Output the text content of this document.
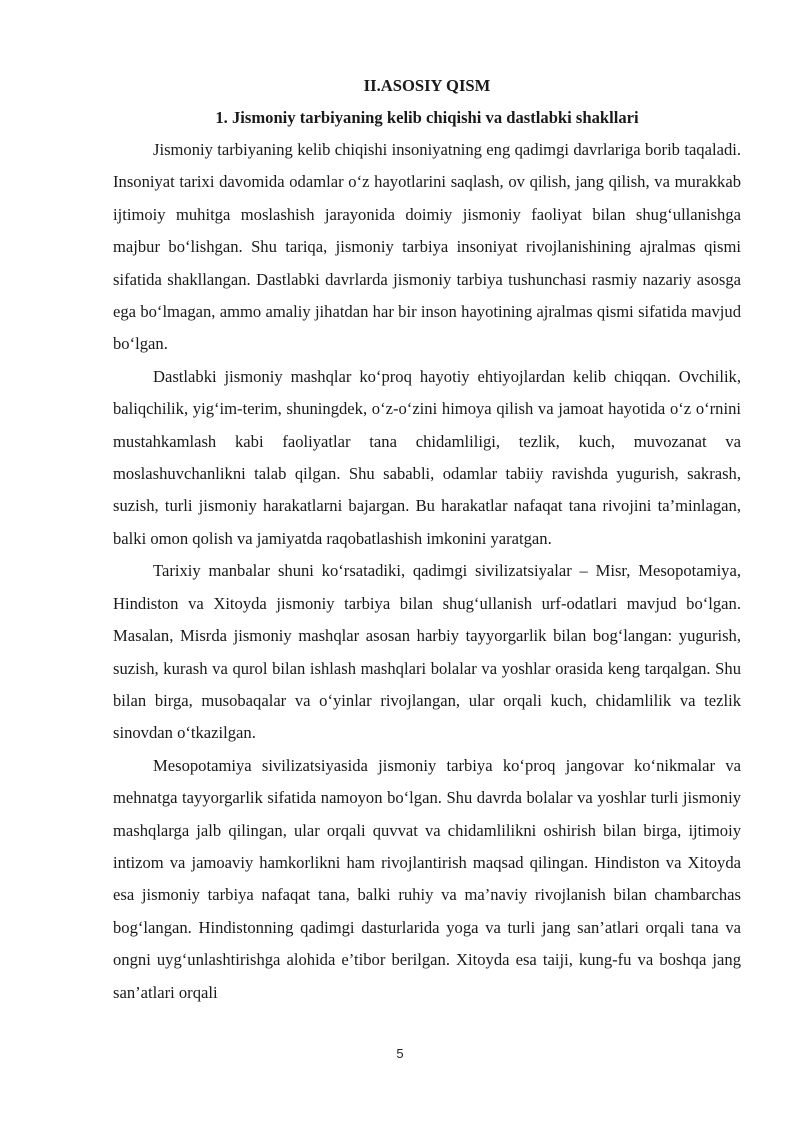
II.ASOSIY QISM
1. Jismoniy tarbiyaning kelib chiqishi va dastlabki shakllari

Jismoniy tarbiyaning kelib chiqishi insoniyatning eng qadimgi davrlariga borib taqaladi. Insoniyat tarixi davomida odamlar o‘z hayotlarini saqlash, ov qilish, jang qilish, va murakkab ijtimoiy muhitga moslashish jarayonida doimiy jismoniy faoliyat bilan shug‘ullanishga majbur bo‘lishgan. Shu tariqa, jismoniy tarbiya insoniyat rivojlanishining ajralmas qismi sifatida shakllangan. Dastlabki davrlarda jismoniy tarbiya tushunchasi rasmiy nazariy asosga ega bo‘lmagan, ammo amaliy jihatdan har bir inson hayotining ajralmas qismi sifatida mavjud bo‘lgan.

Dastlabki jismoniy mashqlar ko‘proq hayotiy ehtiyojlardan kelib chiqqan. Ovchilik, baliqchilik, yig‘im-terim, shuningdek, o‘z-o‘zini himoya qilish va jamoat hayotida o‘z o‘rnini mustahkamlash kabi faoliyatlar tana chidamliligi, tezlik, kuch, muvozanat va moslashuvchanlikni talab qilgan. Shu sababli, odamlar tabiiy ravishda yugurish, sakrash, suzish, turli jismoniy harakatlarni bajargan. Bu harakatlar nafaqat tana rivojini ta’minlagan, balki omon qolish va jamiyatda raqobatlashish imkonini yaratgan.

Tarixiy manbalar shuni ko‘rsatadiki, qadimgi sivilizatsiyalar – Misr, Mesopotamiya, Hindiston va Xitoyda jismoniy tarbiya bilan shug‘ullanish urf-odatlari mavjud bo‘lgan. Masalan, Misrda jismoniy mashqlar asosan harbiy tayyorgarlik bilan bog‘langan: yugurish, suzish, kurash va qurol bilan ishlash mashqlari bolalar va yoshlar orasida keng tarqalgan. Shu bilan birga, musobaqalar va o‘yinlar rivojlangan, ular orqali kuch, chidamlilik va tezlik sinovdan o‘tkazilgan.

Mesopotamiya sivilizatsiyasida jismoniy tarbiya ko‘proq jangovar ko‘nikmalar va mehnatga tayyorgarlik sifatida namoyon bo‘lgan. Shu davrda bolalar va yoshlar turli jismoniy mashqlarga jalb qilingan, ular orqali quvvat va chidamlilikni oshirish bilan birga, ijtimoiy intizom va jamoaviy hamkorlikni ham rivojlantirish maqsad qilingan. Hindiston va Xitoyda esa jismoniy tarbiya nafaqat tana, balki ruhiy va ma’naviy rivojlanish bilan chambarchas bog‘langan. Hindistonning qadimgi dasturlarida yoga va turli jang san’atlari orqali tana va ongni uyg‘unlashtirishga alohida e’tibor berilgan. Xitoyda esa taiji, kung-fu va boshqa jang san’atlari orqali

5
